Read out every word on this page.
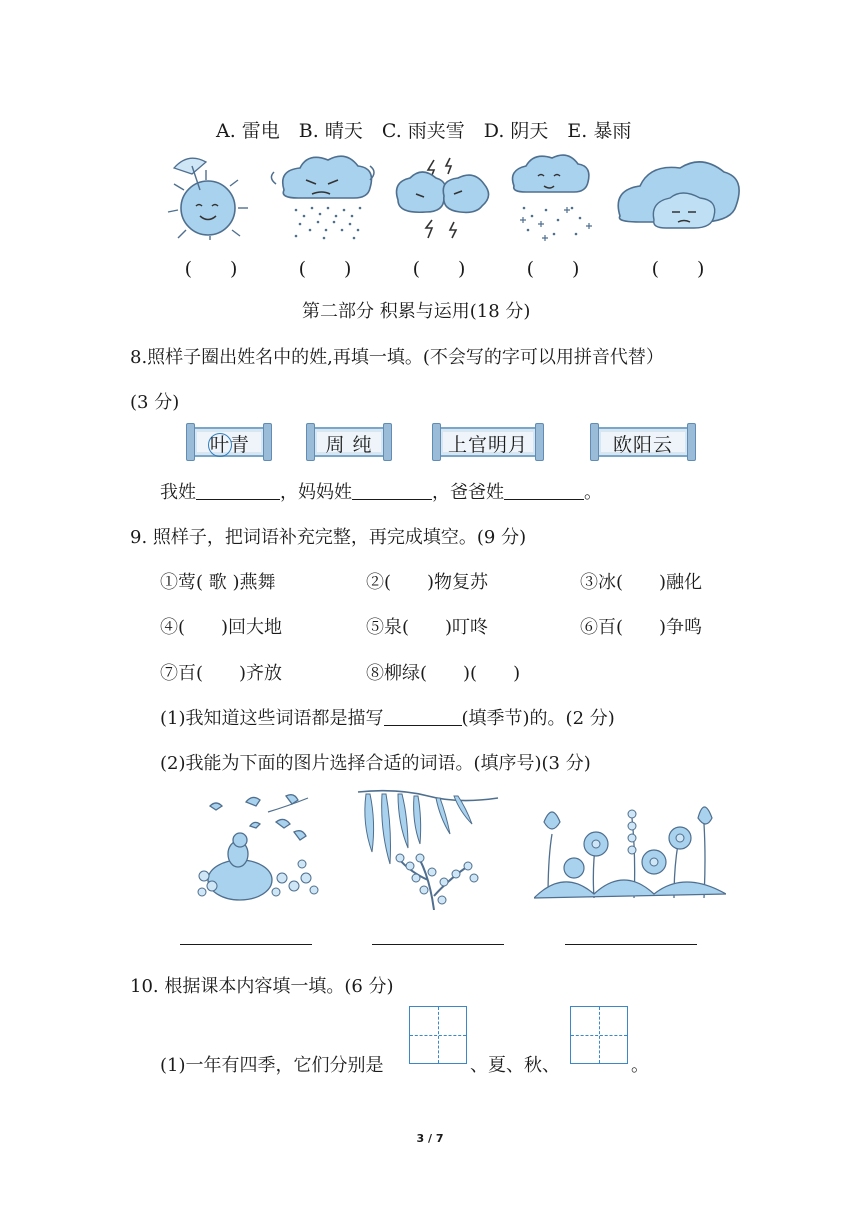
A. 雷电　B. 晴天　C. 雨夹雪　D. 阴天　E. 暴雨
(　　)	(　　)	(　　)	(　　)	(　　)
第二部分 积累与运用(18 分)
8.照样子圈出姓名中的姓,再填一填。(不会写的字可以用拼音代替）
(3 分)
叶青	周 纯	上官明月	欧阳云
我姓	，妈妈姓	，爸爸姓	。
9. 照样子，把词语补充完整，再完成填空。(9 分)
①莺( 歌 )燕舞	②(　　)物复苏	③冰(　　)融化
④(　　)回大地	⑤泉(　　)叮咚	⑥百(　　)争鸣
⑦百(　　)齐放	⑧柳绿(　　)(　　)
(1)我知道这些词语都是描写	(填季节)的。(2 分)
(2)我能为下面的图片选择合适的词语。(填序号)(3 分)
10. 根据课本内容填一填。(6 分)
(1)一年有四季，它们分别是	、夏、秋、	。
3 / 7
